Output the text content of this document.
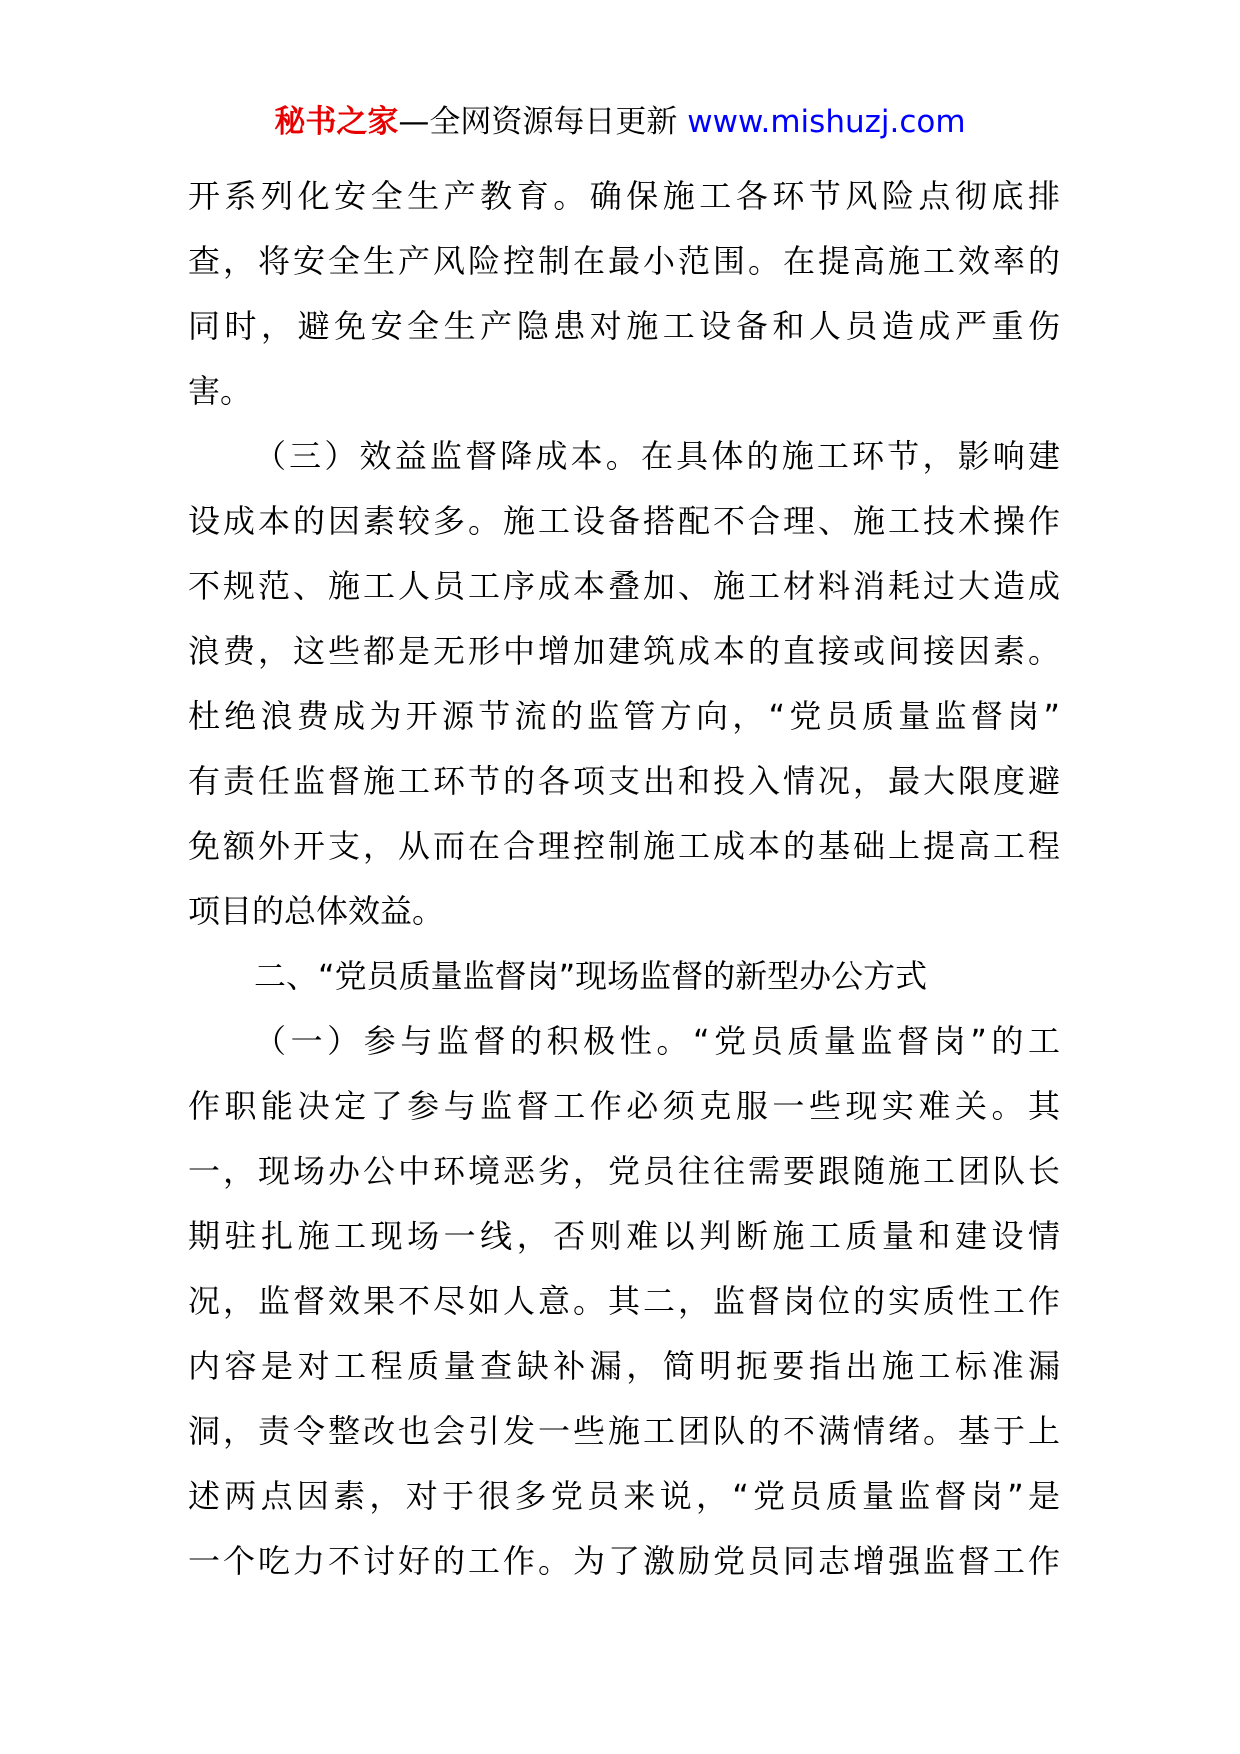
秘书之家—全网资源每日更新 www.mishuzj.com
开系列化安全生产教育。确保施工各环节风险点彻底排
查，将安全生产风险控制在最小范围。在提高施工效率的
同时，避免安全生产隐患对施工设备和人员造成严重伤
害。
（三）效益监督降成本。在具体的施工环节，影响建
设成本的因素较多。施工设备搭配不合理、施工技术操作
不规范、施工人员工序成本叠加、施工材料消耗过大造成
浪费，这些都是无形中增加建筑成本的直接或间接因素。
杜绝浪费成为开源节流的监管方向，“党员质量监督岗”
有责任监督施工环节的各项支出和投入情况，最大限度避
免额外开支，从而在合理控制施工成本的基础上提高工程
项目的总体效益。
二、“党员质量监督岗”现场监督的新型办公方式
（一）参与监督的积极性。“党员质量监督岗”的工
作职能决定了参与监督工作必须克服一些现实难关。其
一，现场办公中环境恶劣，党员往往需要跟随施工团队长
期驻扎施工现场一线，否则难以判断施工质量和建设情
况，监督效果不尽如人意。其二，监督岗位的实质性工作
内容是对工程质量查缺补漏，简明扼要指出施工标准漏
洞，责令整改也会引发一些施工团队的不满情绪。基于上
述两点因素，对于很多党员来说，“党员质量监督岗”是
一个吃力不讨好的工作。为了激励党员同志增强监督工作
